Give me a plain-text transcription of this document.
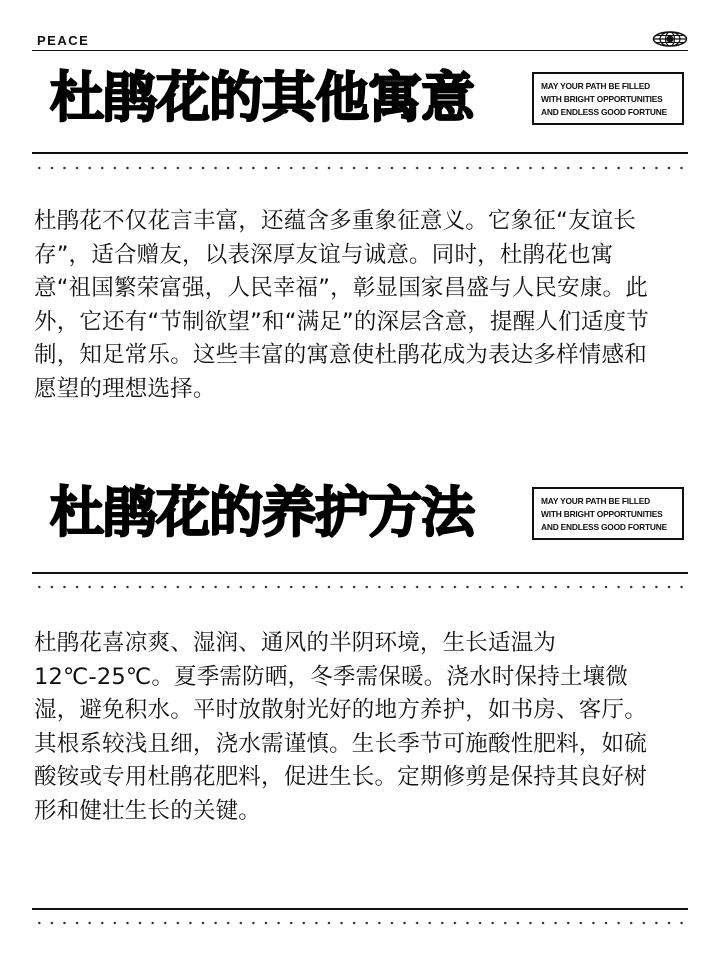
PEACE
杜鹃花的其他寓意	MAY YOUR PATH BE FILLED
WITH BRIGHT OPPORTUNITIES
AND ENDLESS GOOD FORTUNE

杜鹃花不仅花言丰富，还蕴含多重象征意义。它象征“友谊长存”，适合赠友，以表深厚友谊与诚意。同时，杜鹃花也寓意“祖国繁荣富强，人民幸福”，彰显国家昌盛与人民安康。此外，它还有“节制欲望”和“满足”的深层含意，提醒人们适度节制，知足常乐。这些丰富的寓意使杜鹃花成为表达多样情感和愿望的理想选择。

杜鹃花的养护方法	MAY YOUR PATH BE FILLED
WITH BRIGHT OPPORTUNITIES
AND ENDLESS GOOD FORTUNE

杜鹃花喜凉爽、湿润、通风的半阴环境，生长适温为12℃-25℃。夏季需防晒，冬季需保暖。浇水时保持土壤微湿，避免积水。平时放散射光好的地方养护，如书房、客厅。其根系较浅且细，浇水需谨慎。生长季节可施酸性肥料，如硫酸铵或专用杜鹃花肥料，促进生长。定期修剪是保持其良好树形和健壮生长的关键。
